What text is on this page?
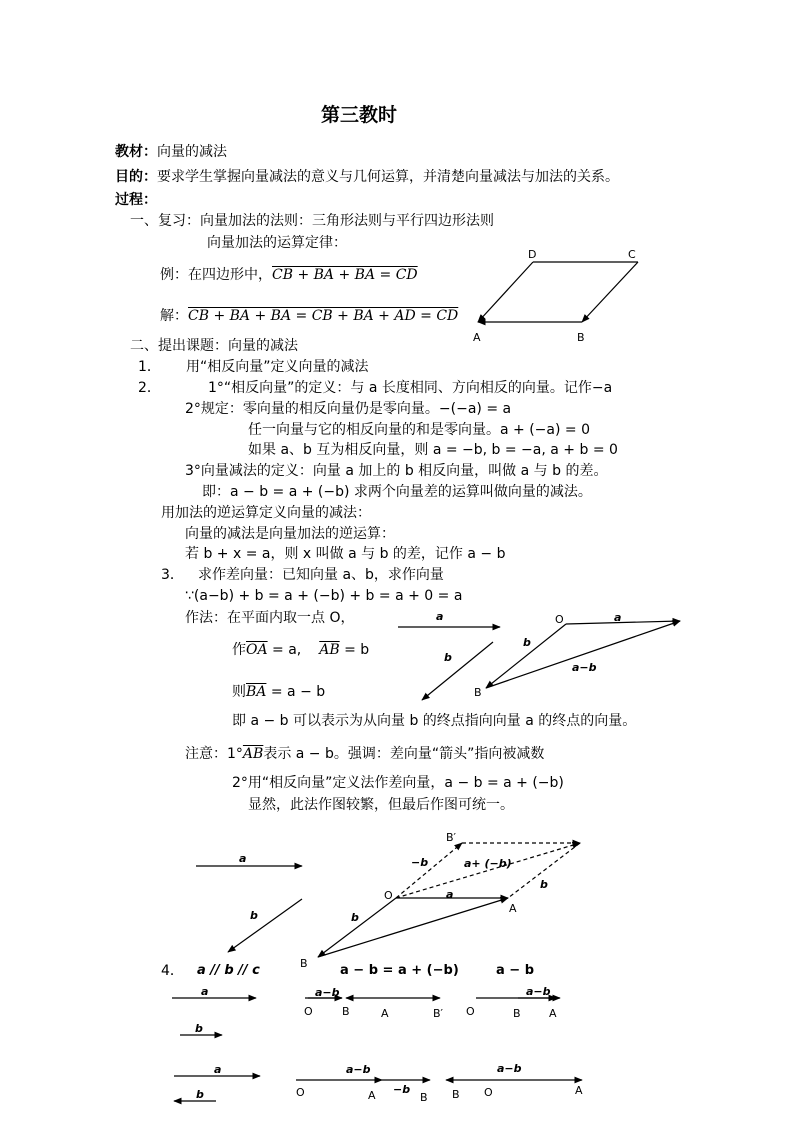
第三教时
教材：向量的减法
目的：要求学生掌握向量减法的意义与几何运算，并清楚向量减法与加法的关系。
过程：
一、复习：向量加法的法则：三角形法则与平行四边形法则
向量加法的运算定律：
例：在四边形中，CB + BA + BA = CD
解：CB + BA + BA = CB + BA + AD = CD
D	C
A	B
二、提出课题：向量的减法
1． 用“相反向量”定义向量的减法
2．	1°“相反向量”的定义：与 a 长度相同、方向相反的向量。记作−a
2°规定：零向量的相反向量仍是零向量。−(−a) = a
任一向量与它的相反向量的和是零向量。a + (−a) = 0
如果 a、b 互为相反向量，则 a = −b, b = −a, a + b = 0
3°向量减法的定义：向量 a 加上的 b 相反向量，叫做 a 与 b 的差。
即：a − b = a + (−b) 求两个向量差的运算叫做向量的减法。
用加法的逆运算定义向量的减法：
向量的减法是向量加法的逆运算：
若 b + x = a，则 x 叫做 a 与 b 的差，记作 a − b
3． 求作差向量：已知向量 a、b，求作向量
∵(a−b) + b = a + (−b) + b = a + 0 = a
作法：在平面内取一点 O，
作$\overline{OA} = a$, $\overline{AB} = b$
则$\overline{BA} = a - b$
即 a − b 可以表示为从向量 b 的终点指向向量 a 的终点的向量。
注意：$1^\circ\overline{AB}$表示 a − b。强调：差向量“箭头”指向被减数
2°用“相反向量”定义法作差向量，a − b = a + (−b)
显然，此法作图较繁，但最后作图可统一。
a
b
O	a
b
a−b
B
a
b
B′
−b	a+ (−b)
b
O	a
A
b
B
4． a // b // c	a − b = a + (−b)	a − b
a
b
a−b
O	B	A	B′ O
a−b
B	A
a
b
a−b
O	A −b
B
a−b
B O	A
